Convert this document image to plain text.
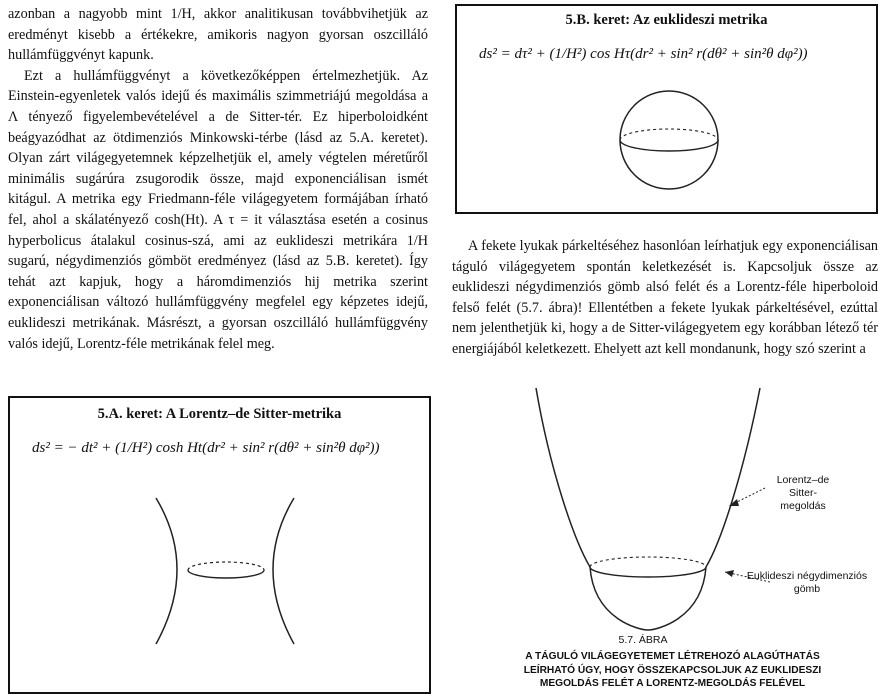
azonban a nagyobb mint 1/H, akkor analitikusan továbbvihetjük az eredményt kisebb a értékekre, amikoris nagyon gyorsan oszcilláló hullámfüggvényt kapunk.

Ezt a hullámfüggvényt a következőképpen értelmezhetjük. Az Einstein-egyenletek valós idejű és maximális szimmetriájú megoldása a Λ tényező figyelembevételével a de Sitter-tér. Ez hiperboloidként beágyazódhat az ötdimenziós Minkowski-térbe (lásd az 5.A. keretet). Olyan zárt világegyetemnek képzelhetjük el, amely végtelen méretűről minimális sugárúra zsugorodik össze, majd exponenciálisan ismét kitágul. A metrika egy Friedmann-féle világegyetem formájában írható fel, ahol a skálatényező cosh(Ht). A τ = it választása esetén a cosinus hyperbolicus átalakul cosinus-szá, ami az euklideszi metrikára 1/H sugarú, négydimenziós gömböt eredményez (lásd az 5.B. keretet). Így tehát azt kapjuk, hogy a háromdimenziós hij metrika szerint exponenciálisan változó hullámfüggvény megfelel egy képzetes idejű, euklideszi metrikának. Másrészt, a gyorsan oszcilláló hullámfüggvény valós idejű, Lorentz-féle metrikának felel meg.

5.A. keret: A Lorentz–de Sitter-metrika
ds² = − dt² + (1/H²) cosh Ht(dr² + sin² r(dθ² + sin²θ dφ²))
5.B. keret: Az euklideszi metrika
ds² = dτ² + (1/H²) cos Hτ(dr² + sin² r(dθ² + sin²θ dφ²))
A fekete lyukak párkeltéséhez hasonlóan leírhatjuk egy exponenciálisan táguló világegyetem spontán keletkezését is. Kapcsoljuk össze az euklideszi négydimenziós gömb alsó felét és a Lorentz-féle hiperboloid felső felét (5.7. ábra)! Ellentétben a fekete lyukak párkeltésével, ezúttal nem jelenthetjük ki, hogy a de Sitter-világegyetem egy korábban létező tér energiájából keletkezett. Ehelyett azt kell mondanunk, hogy szó szerint a
Lorentz–de Sitter-megoldás
Euklideszi négydimenziós gömb
5.7. ÁBRA
A TÁGULÓ VILÁGEGYETEMET LÉTREHOZÓ ALAGÚTHATÁS LEÍRHATÓ ÚGY, HOGY ÖSSZEKAPCSOLJUK AZ EUKLIDESZI MEGOLDÁS FELÉT A LORENTZ-MEGOLDÁS FELÉVEL
